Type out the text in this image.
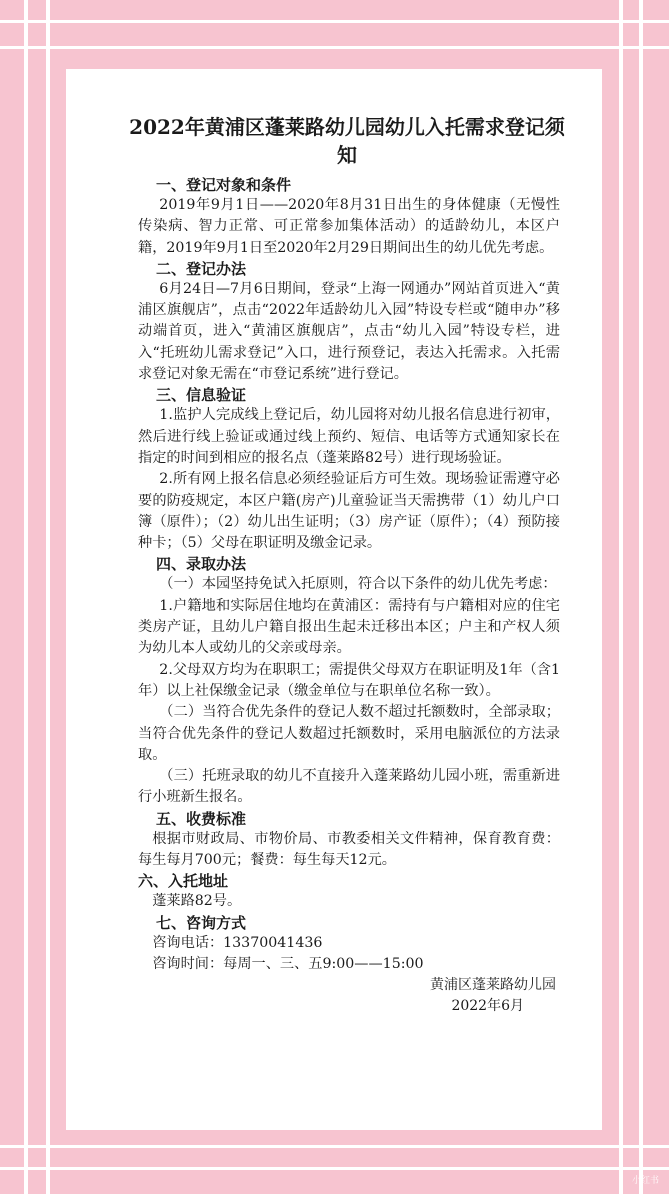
2022年黄浦区蓬莱路幼儿园幼儿入托需求登记须知

一、登记对象和条件

2019年9月1日——2020年8月31日出生的身体健康（无慢性传染病、智力正常、可正常参加集体活动）的适龄幼儿，本区户籍，2019年9月1日至2020年2月29日期间出生的幼儿优先考虑。

二、登记办法

6月24日—7月6日期间，登录“上海一网通办”网站首页进入“黄浦区旗舰店”，点击“2022年适龄幼儿入园”特设专栏或“随申办”移动端首页，进入“黄浦区旗舰店”，点击“幼儿入园”特设专栏，进入“托班幼儿需求登记”入口，进行预登记，表达入托需求。入托需求登记对象无需在“市登记系统”进行登记。

三、信息验证

1.监护人完成线上登记后，幼儿园将对幼儿报名信息进行初审，然后进行线上验证或通过线上预约、短信、电话等方式通知家长在指定的时间到相应的报名点（蓬莱路82号）进行现场验证。

2.所有网上报名信息必须经验证后方可生效。现场验证需遵守必要的防疫规定，本区户籍(房产)儿童验证当天需携带（1）幼儿户口簿（原件）；（2）幼儿出生证明；（3）房产证（原件）；（4）预防接种卡；（5）父母在职证明及缴金记录。

四、录取办法

（一）本园坚持免试入托原则，符合以下条件的幼儿优先考虑：

1.户籍地和实际居住地均在黄浦区：需持有与户籍相对应的住宅类房产证，且幼儿户籍自报出生起未迁移出本区；户主和产权人须为幼儿本人或幼儿的父亲或母亲。

2.父母双方均为在职职工；需提供父母双方在职证明及1年（含1年）以上社保缴金记录（缴金单位与在职单位名称一致）。

（二）当符合优先条件的登记人数不超过托额数时，全部录取；当符合优先条件的登记人数超过托额数时，采用电脑派位的方法录取。

（三）托班录取的幼儿不直接升入蓬莱路幼儿园小班，需重新进行小班新生报名。

五、收费标准

根据市财政局、市物价局、市教委相关文件精神，保育教育费：每生每月700元；餐费：每生每天12元。

六、入托地址

蓬莱路82号。

七、咨询方式

咨询电话：13370041436

咨询时间：每周一、三、五9:00——15:00

黄浦区蓬莱路幼儿园

2022年6月

小红书
